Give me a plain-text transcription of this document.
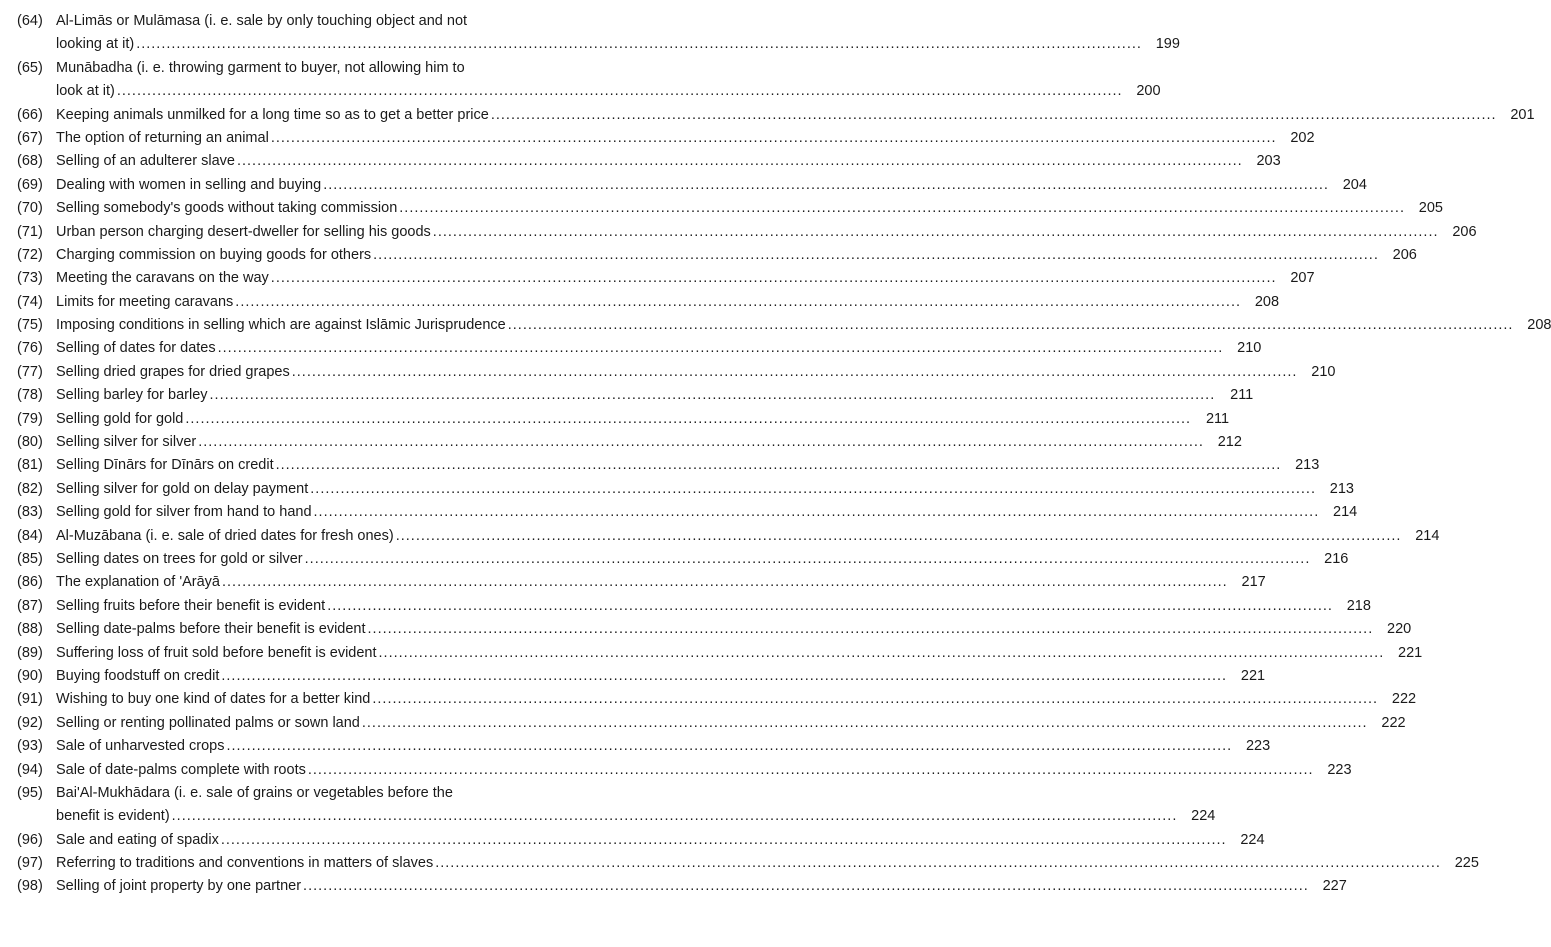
(64) Al-Limās or Mulāmasa (i. e. sale by only touching object and not
looking at it) ........................................................................................................................................................................................................ 199
(65) Munābadha (i. e. throwing garment to buyer, not allowing him to
look at it) ........................................................................................................................................................................................................ 200
(66) Keeping animals unmilked for a long time so as to get a better price ........................................................................................................................................................................................................ 201
(67) The option of returning an animal ........................................................................................................................................................................................................ 202
(68) Selling of an adulterer slave ........................................................................................................................................................................................................ 203
(69) Dealing with women in selling and buying ........................................................................................................................................................................................................ 204
(70) Selling somebody's goods without taking commission ........................................................................................................................................................................................................ 205
(71) Urban person charging desert-dweller for selling his goods ........................................................................................................................................................................................................ 206
(72) Charging commission on buying goods for others ........................................................................................................................................................................................................ 206
(73) Meeting the caravans on the way ........................................................................................................................................................................................................ 207
(74) Limits for meeting caravans ........................................................................................................................................................................................................ 208
(75) Imposing conditions in selling which are against Islāmic Jurisprudence ........................................................................................................................................................................................................ 208
(76) Selling of dates for dates ........................................................................................................................................................................................................ 210
(77) Selling dried grapes for dried grapes ........................................................................................................................................................................................................ 210
(78) Selling barley for barley ........................................................................................................................................................................................................	211
(79) Selling gold for gold ........................................................................................................................................................................................................	211
(80) Selling silver for silver ........................................................................................................................................................................................................ 212
(81) Selling Dīnārs for Dīnārs on credit ........................................................................................................................................................................................................ 213
(82) Selling silver for gold on delay payment ........................................................................................................................................................................................................ 213
(83) Selling gold for silver from hand to hand ........................................................................................................................................................................................................ 214
(84) Al-Muzābana (i. e. sale of dried dates for fresh ones) ........................................................................................................................................................................................................ 214
(85) Selling dates on trees for gold or silver ........................................................................................................................................................................................................ 216
(86) The explanation of 'Arāyā ........................................................................................................................................................................................................ 217
(87) Selling fruits before their benefit is evident ........................................................................................................................................................................................................ 218
(88) Selling date-palms before their benefit is evident ........................................................................................................................................................................................................ 220
(89) Suffering loss of fruit sold before benefit is evident ........................................................................................................................................................................................................ 221
(90) Buying foodstuff on credit ........................................................................................................................................................................................................ 221
(91) Wishing to buy one kind of dates for a better kind ........................................................................................................................................................................................................ 222
(92) Selling or renting pollinated palms or sown land ........................................................................................................................................................................................................ 222
(93) Sale of unharvested crops ........................................................................................................................................................................................................ 223
(94) Sale of date-palms complete with roots ........................................................................................................................................................................................................ 223
(95) Bai'Al-Mukhādara (i. e. sale of grains or vegetables before the
benefit is evident) ........................................................................................................................................................................................................ 224
(96) Sale and eating of spadix ........................................................................................................................................................................................................ 224
(97) Referring to traditions and conventions in matters of slaves ........................................................................................................................................................................................................ 225
(98) Selling of joint property by one partner ........................................................................................................................................................................................................ 227
